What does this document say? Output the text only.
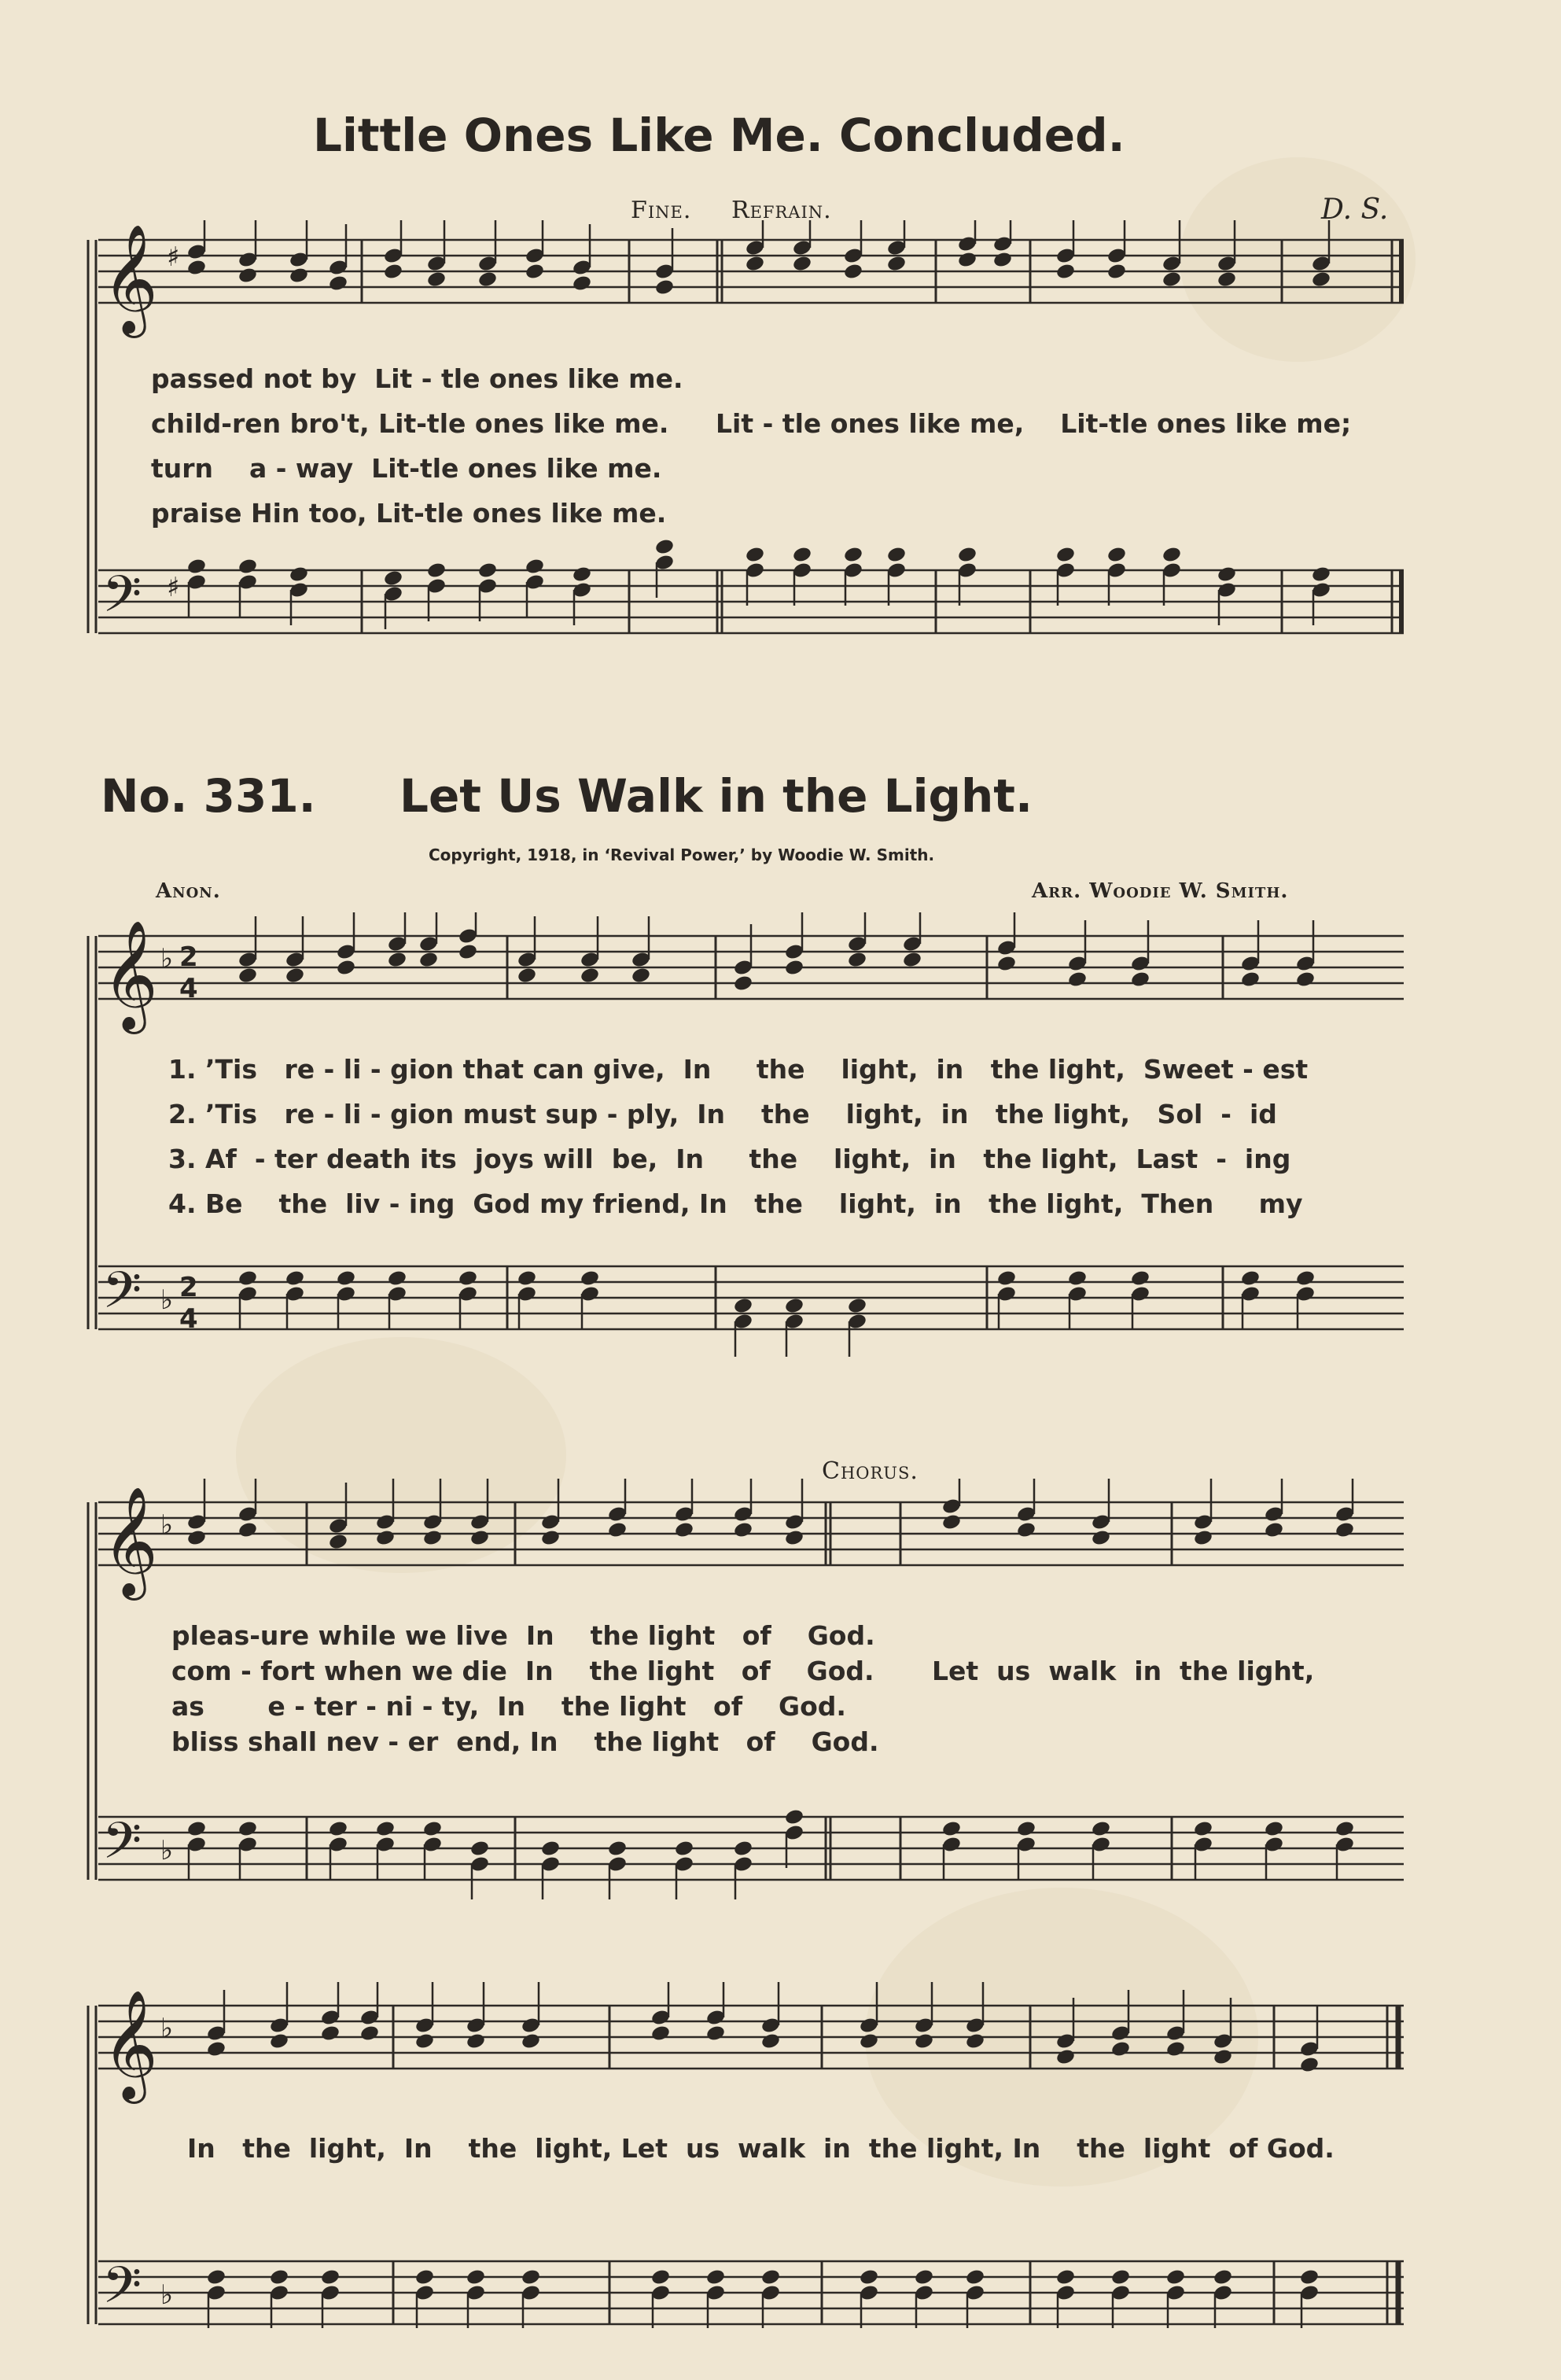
Little Ones Like Me. Concluded.
Fine. Refrain.	D. S.
𝄞 ♯
𝄢 ♯
passed not by  Lit - tle ones like me.
child-ren bro't, Lit-tle ones like me.
turn    a - way  Lit-tle ones like me.
praise Hin too, Lit-tle ones like me.
Lit - tle ones like me,    Lit-tle ones like me;
No. 331. Let Us Walk in the Light.
Copyright, 1918, in ‘Revival Power,’ by Woodie W. Smith.
Anon.	Arr. Woodie W. Smith.
𝄞 ♭
𝄢 ♭
2
4
2
4
1. ’Tis   re - li - gion that can give,  In     the    light,  in   the light,  Sweet - est
2. ’Tis   re - li - gion must sup - ply,  In    the    light,  in   the light,   Sol  -  id
3. Af  - ter death its  joys will  be,  In     the    light,  in   the light,  Last  -  ing
4. Be    the  liv - ing  God my friend, In   the    light,  in   the light,  Then     my
Chorus.
𝄞 ♭
𝄢 ♭
pleas-ure while we live  In    the light   of    God.
com - fort when we die  In    the light   of    God.
as       e - ter - ni - ty,  In    the light   of    God.
bliss shall nev - er  end, In    the light   of    God.
Let  us  walk  in  the light,
𝄞 ♭
𝄢 ♭
In   the  light,  In    the  light, Let  us  walk  in  the light, In    the  light  of God.
